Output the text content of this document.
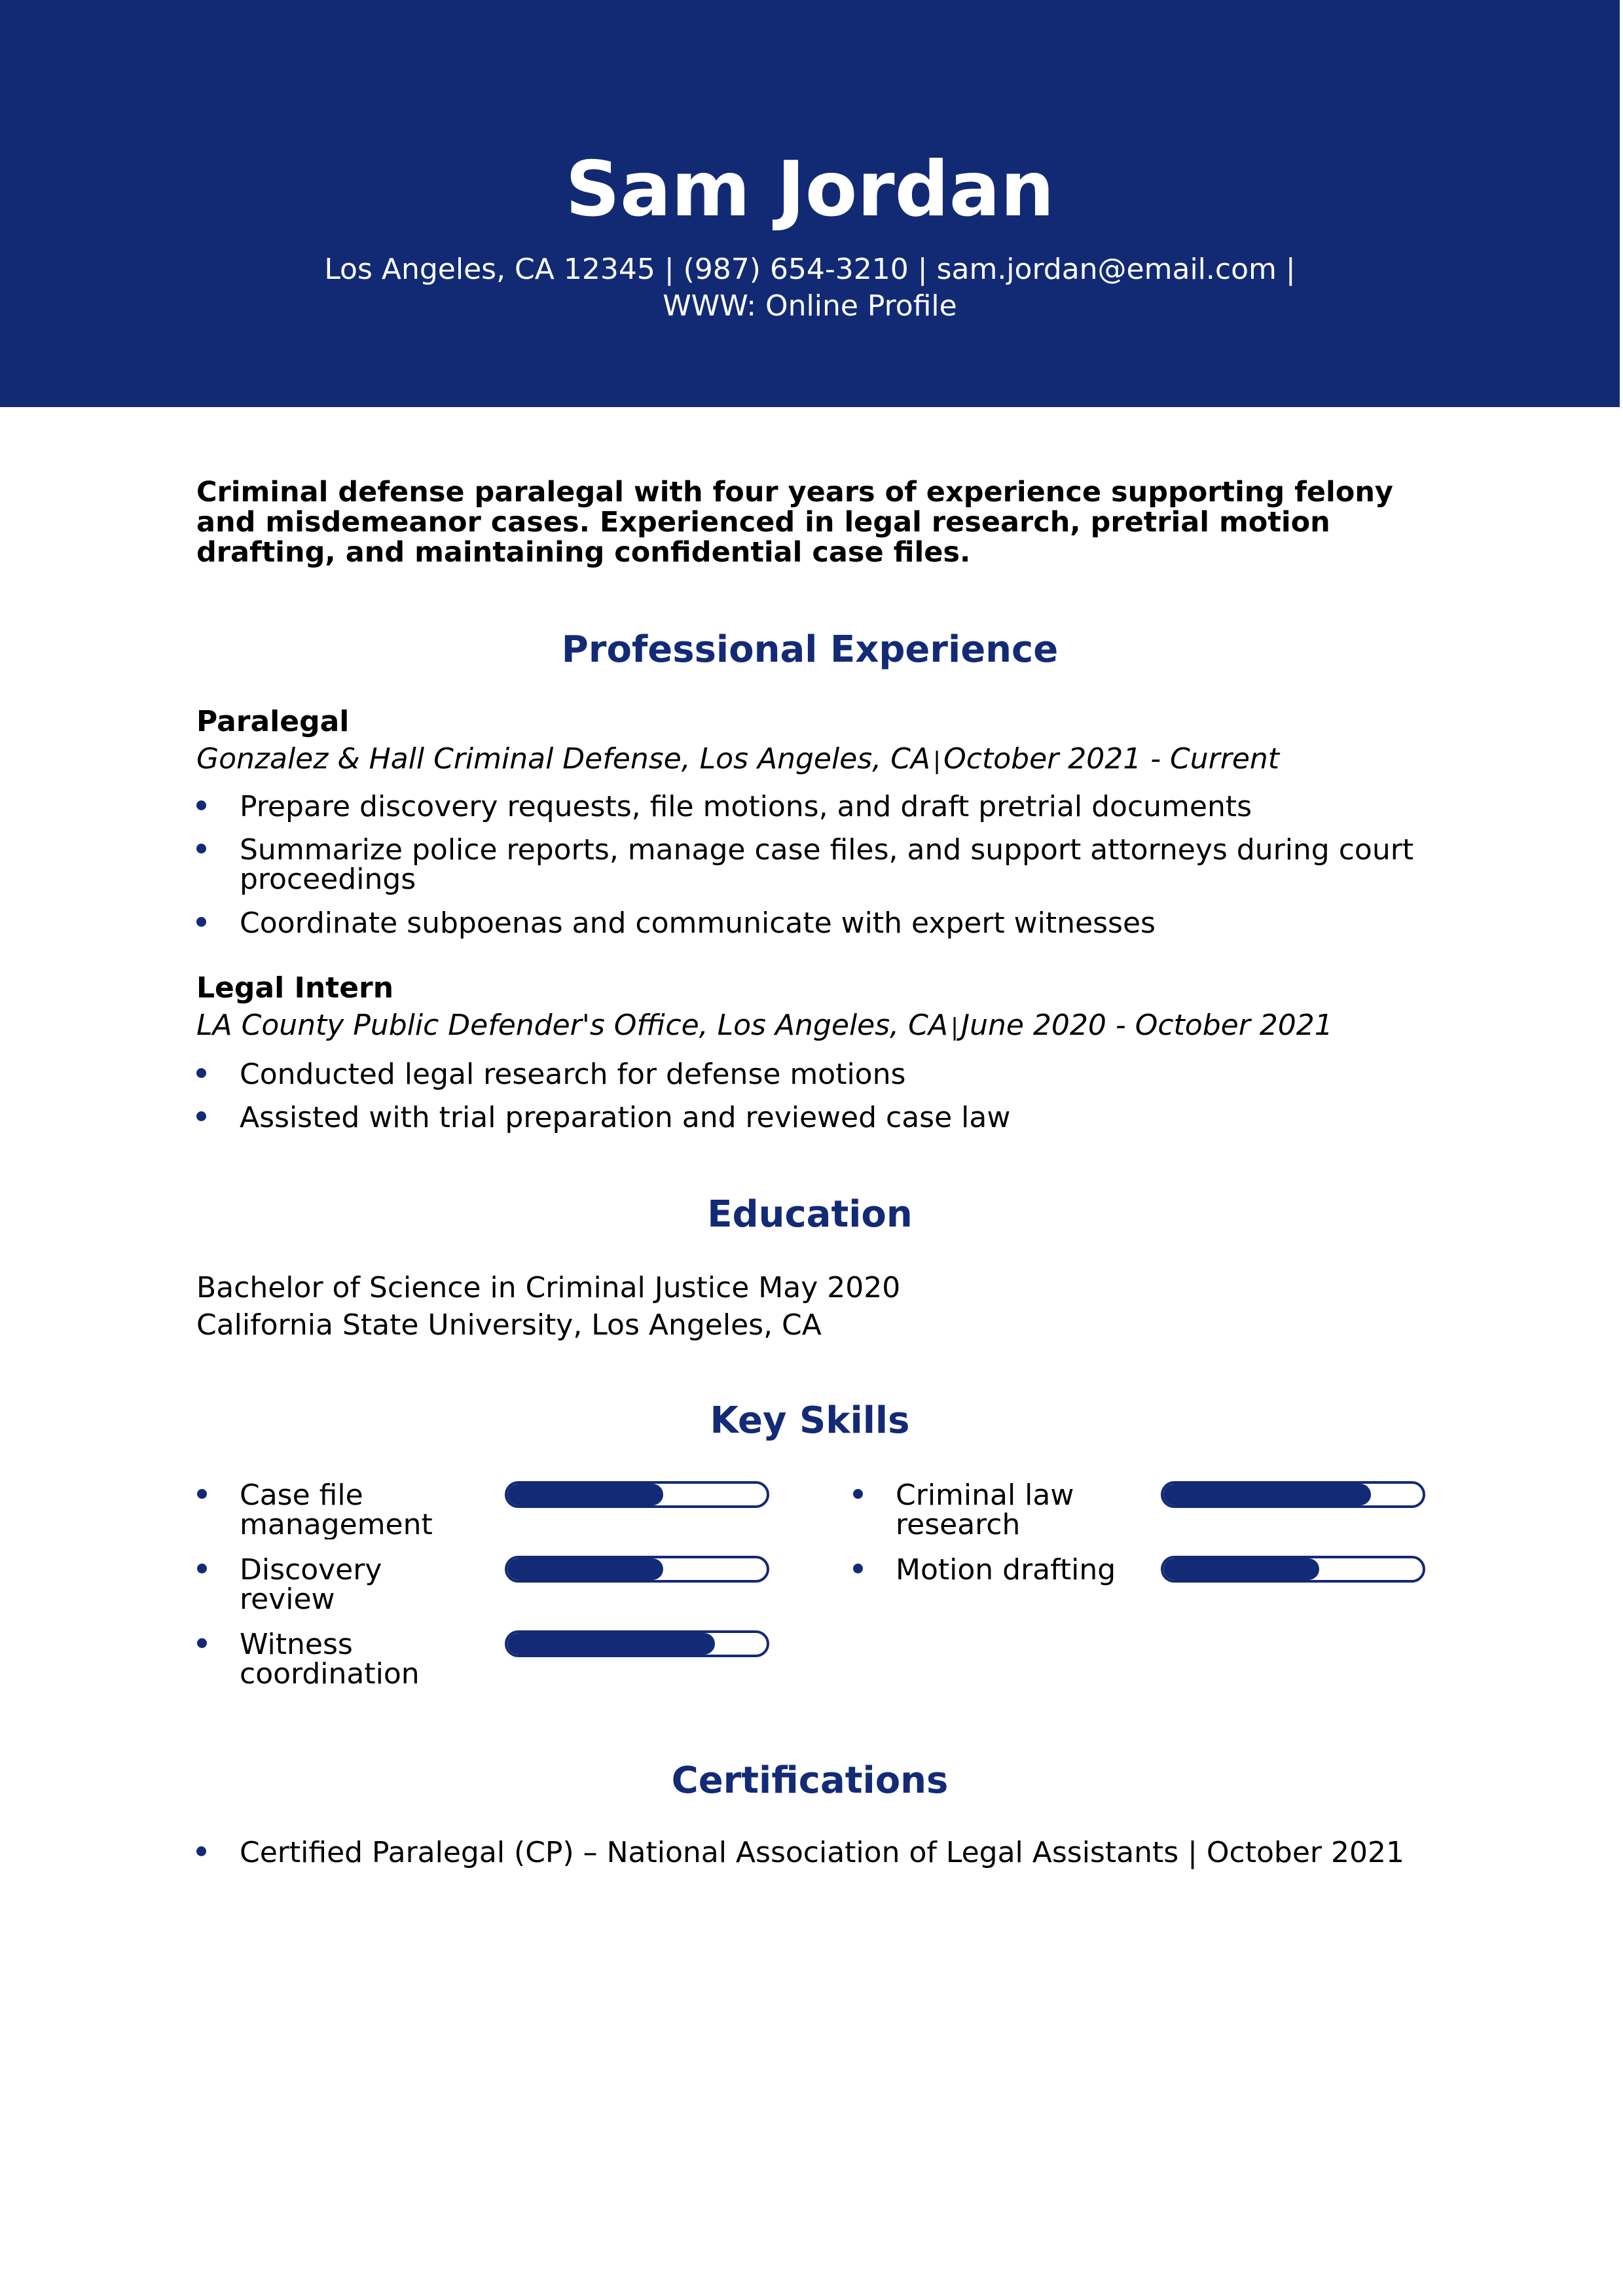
Sam Jordan
Los Angeles, CA 12345 | (987) 654-3210 | sam.jordan@email.com |
WWW: Online Profile
Criminal defense paralegal with four years of experience supporting felony and misdemeanor cases. Experienced in legal research, pretrial motion drafting, and maintaining confidential case files.
Professional Experience
Paralegal
Gonzalez & Hall Criminal Defense, Los Angeles, CA |October 2021 - Current
Prepare discovery requests, file motions, and draft pretrial documents
Summarize police reports, manage case files, and support attorneys during court proceedings
Coordinate subpoenas and communicate with expert witnesses
Legal Intern
LA County Public Defender's Office, Los Angeles, CA |June 2020 - October 2021
Conducted legal research for defense motions
Assisted with trial preparation and reviewed case law
Education
Bachelor of Science in Criminal Justice May 2020
California State University, Los Angeles, CA
Key Skills
Case file management
Criminal law research
Discovery review
Motion drafting
Witness coordination
Certifications
Certified Paralegal (CP) – National Association of Legal Assistants | October 2021
